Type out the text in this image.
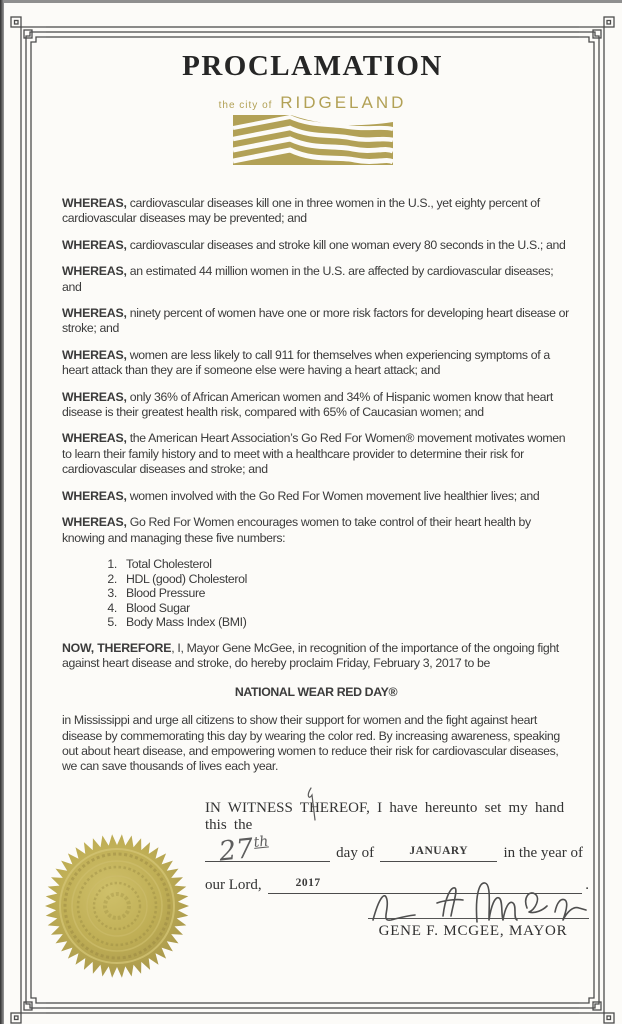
PROCLAMATION
the city of RIDGELAND

WHEREAS, cardiovascular diseases kill one in three women in the U.S., yet eighty percent of cardiovascular diseases may be prevented; and

WHEREAS, cardiovascular diseases and stroke kill one woman every 80 seconds in the U.S.; and

WHEREAS, an estimated 44 million women in the U.S. are affected by cardiovascular diseases; and

WHEREAS, ninety percent of women have one or more risk factors for developing heart disease or stroke; and

WHEREAS, women are less likely to call 911 for themselves when experiencing symptoms of a heart attack than they are if someone else were having a heart attack; and

WHEREAS, only 36% of African American women and 34% of Hispanic women know that heart disease is their greatest health risk, compared with 65% of Caucasian women; and

WHEREAS, the American Heart Association’s Go Red For Women® movement motivates women to learn their family history and to meet with a healthcare provider to determine their risk for cardiovascular diseases and stroke; and

WHEREAS, women involved with the Go Red For Women movement live healthier lives; and

WHEREAS, Go Red For Women encourages women to take control of their heart health by knowing and managing these five numbers:

1. Total Cholesterol
2. HDL (good) Cholesterol
3. Blood Pressure
4. Blood Sugar
5. Body Mass Index (BMI)

NOW, THEREFORE, I, Mayor Gene McGee, in recognition of the importance of the ongoing fight against heart disease and stroke, do hereby proclaim Friday, February 3, 2017 to be

NATIONAL WEAR RED DAY®

in Mississippi and urge all citizens to show their support for women and the fight against heart disease by commemorating this day by wearing the color red. By increasing awareness, speaking out about heart disease, and empowering women to reduce their risk for cardiovascular diseases, we can save thousands of lives each year.

IN WITNESS THEREOF, I have hereunto set my hand this the

27th
day of	JANUARY	in the year of
our Lord,	2017	.
GENE F. MCGEE, MAYOR
